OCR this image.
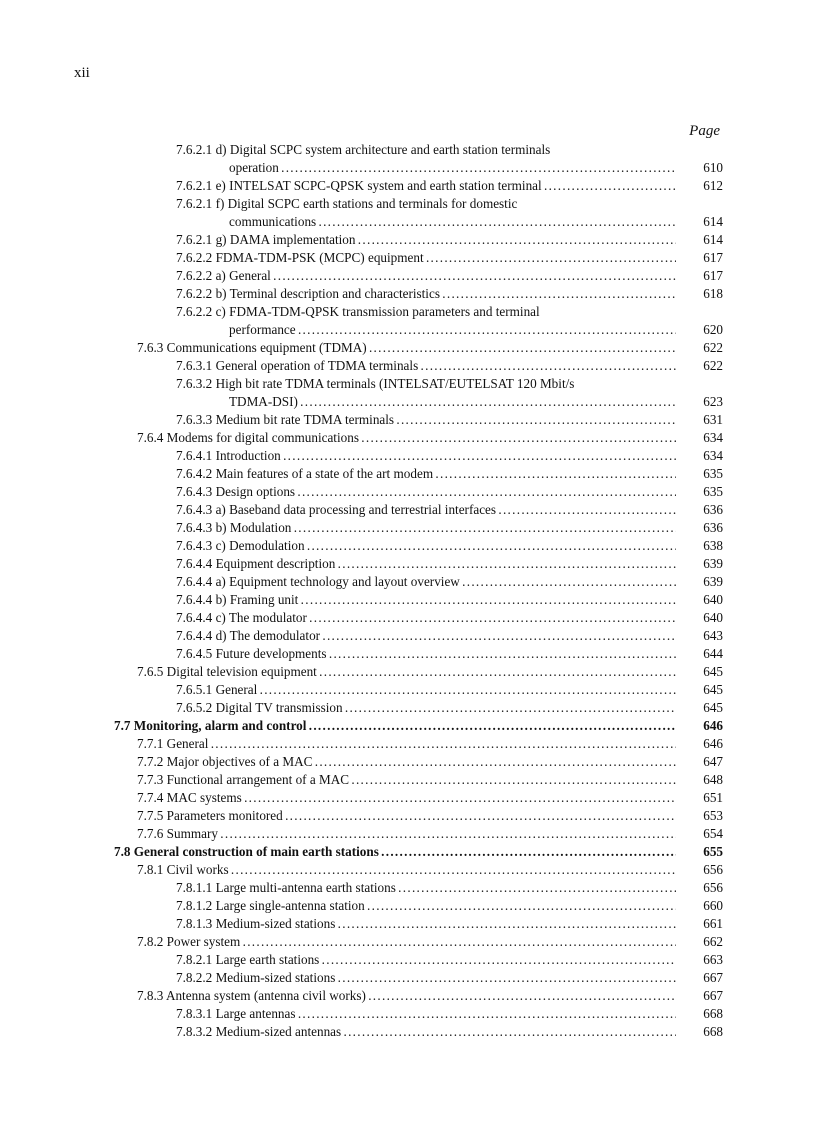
xii
Page
7.6.2.1 d) Digital SCPC system architecture and earth station terminals
operation . . .	610
7.6.2.1 e) INTELSAT SCPC-QPSK system and earth station terminal . . .	612
7.6.2.1 f) Digital SCPC earth stations and terminals for domestic
communications . . .	614
7.6.2.1 g) DAMA implementation . . .	614
7.6.2.2 FDMA-TDM-PSK (MCPC) equipment . . .	617
7.6.2.2 a) General . . .	617
7.6.2.2 b) Terminal description and characteristics . . .	618
7.6.2.2 c) FDMA-TDM-QPSK transmission parameters and terminal
performance . . .	620
7.6.3 Communications equipment (TDMA) . . .	622
7.6.3.1 General operation of TDMA terminals . . .	622
7.6.3.2 High bit rate TDMA terminals (INTELSAT/EUTELSAT 120 Mbit/s
TDMA-DSI) . . .	623
7.6.3.3 Medium bit rate TDMA terminals . . .	631
7.6.4 Modems for digital communications . . .	634
7.6.4.1 Introduction . . .	634
7.6.4.2 Main features of a state of the art modem . . .	635
7.6.4.3 Design options . . .	635
7.6.4.3 a) Baseband data processing and terrestrial interfaces . . .	636
7.6.4.3 b) Modulation . . .	636
7.6.4.3 c) Demodulation . . .	638
7.6.4.4 Equipment description . . .	639
7.6.4.4 a) Equipment technology and layout overview . . .	639
7.6.4.4 b) Framing unit . . .	640
7.6.4.4 c) The modulator . . .	640
7.6.4.4 d) The demodulator . . .	643
7.6.4.5 Future developments . . .	644
7.6.5 Digital television equipment . . .	645
7.6.5.1 General . . .	645
7.6.5.2 Digital TV transmission . . .	645
7.7 Monitoring, alarm and control . . .	646
7.7.1 General . . .	646
7.7.2 Major objectives of a MAC . . .	647
7.7.3 Functional arrangement of a MAC . . .	648
7.7.4 MAC systems . . .	651
7.7.5 Parameters monitored . . .	653
7.7.6 Summary . . .	654
7.8 General construction of main earth stations . . .	655
7.8.1 Civil works . . .	656
7.8.1.1 Large multi-antenna earth stations . . .	656
7.8.1.2 Large single-antenna station . . .	660
7.8.1.3 Medium-sized stations . . .	661
7.8.2 Power system . . .	662
7.8.2.1 Large earth stations . . .	663
7.8.2.2 Medium-sized stations . . .	667
7.8.3 Antenna system (antenna civil works) . . .	667
7.8.3.1 Large antennas . . .	668
7.8.3.2 Medium-sized antennas . . .	668
